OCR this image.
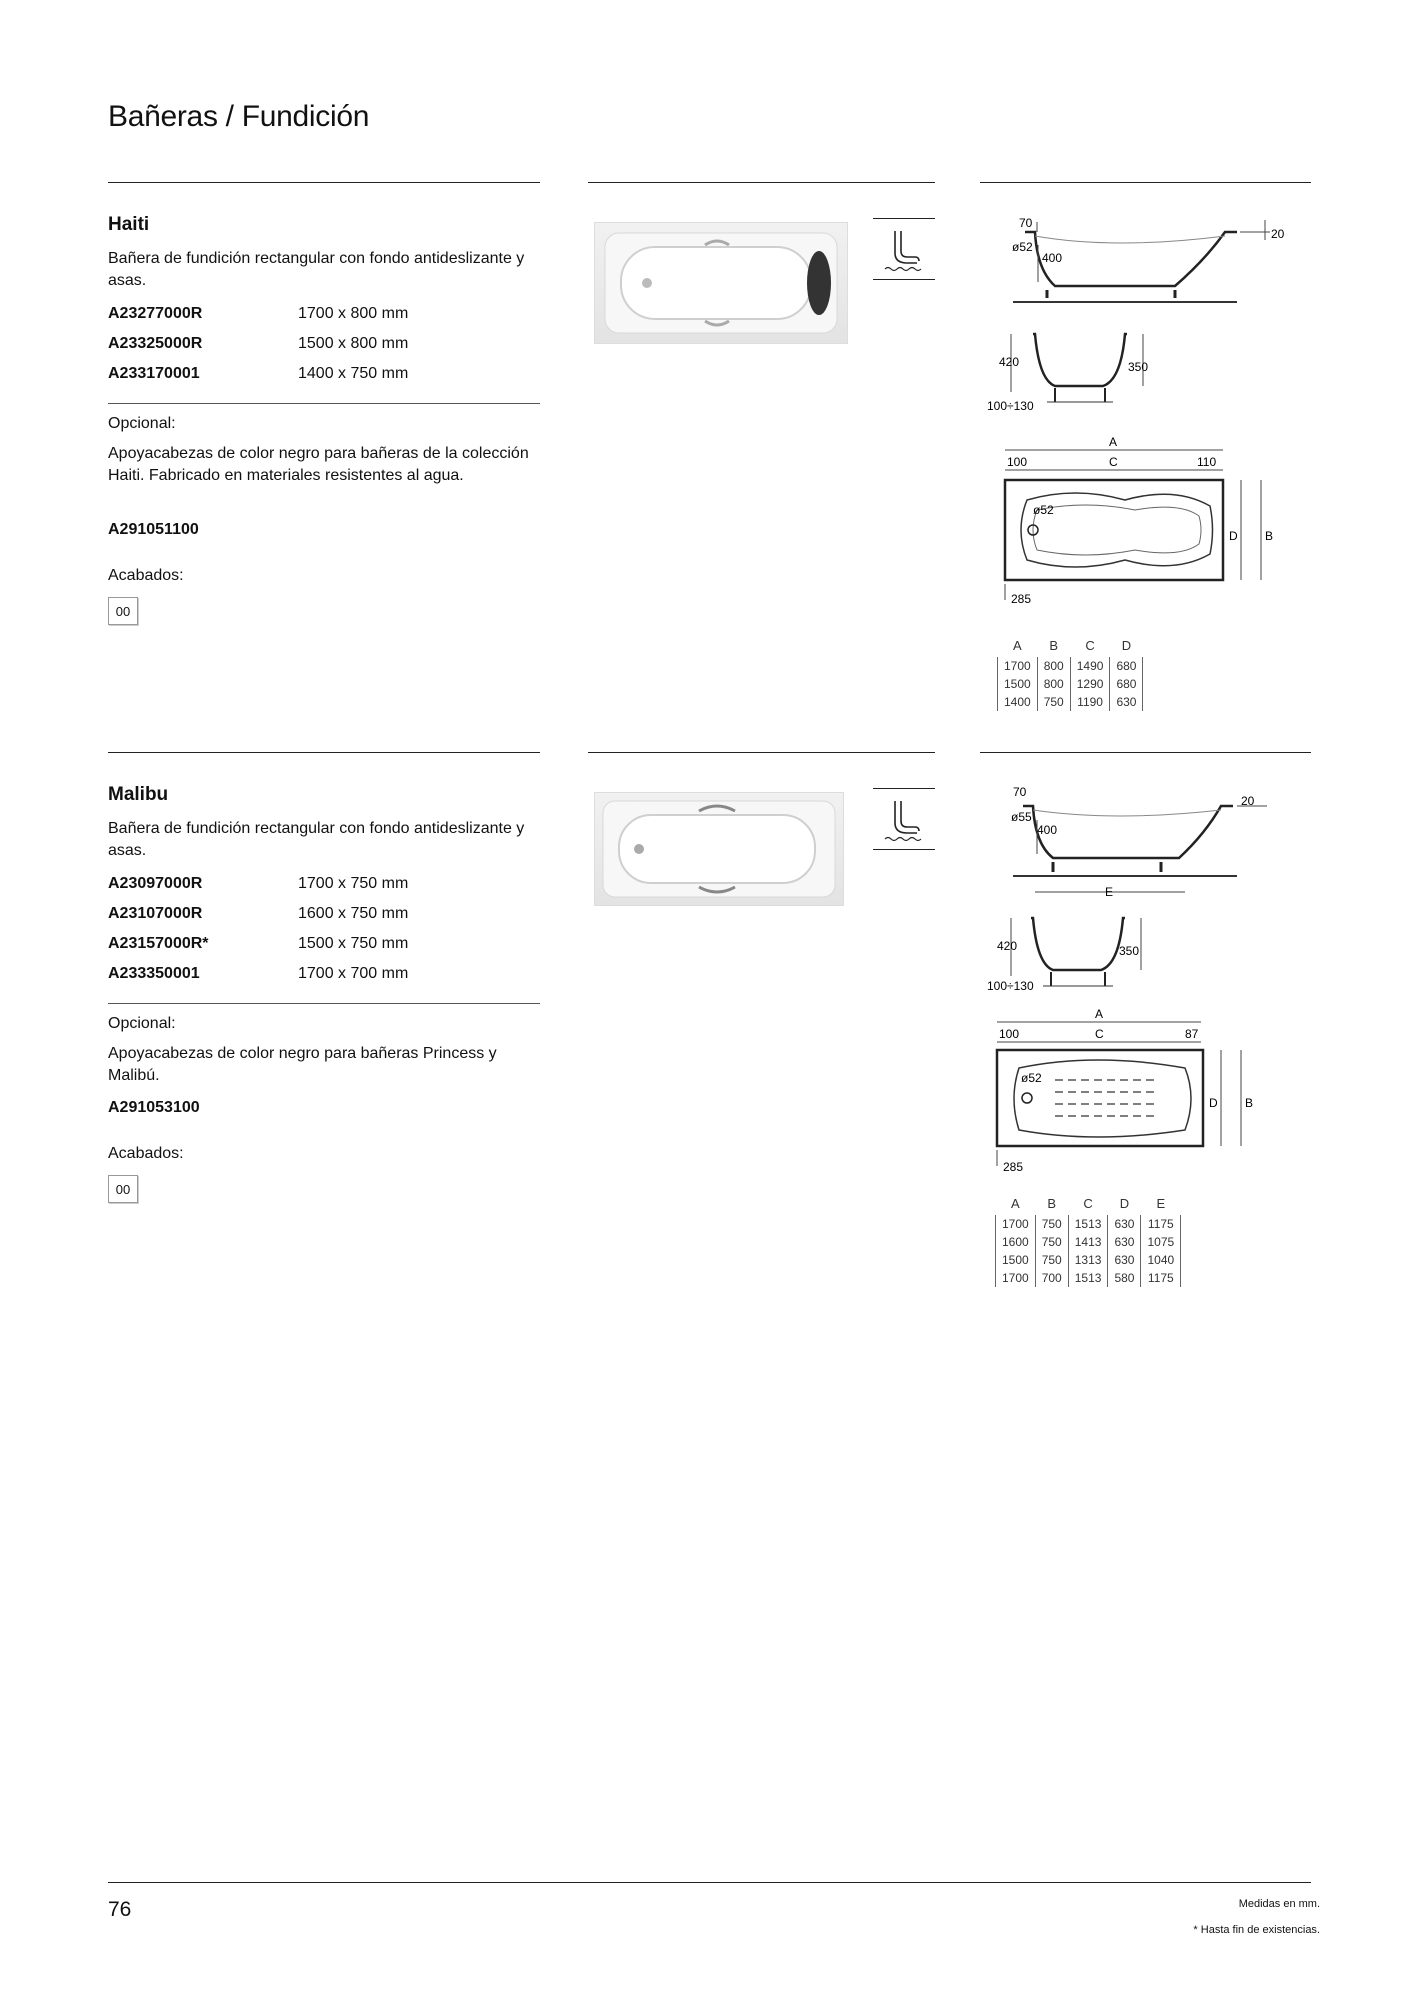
Bañeras / Fundición
Haiti
Bañera de fundición rectangular con fondo antideslizante y asas.
A23277000R	1700 x 800 mm
A23325000R	1500 x 800 mm
A233170001	1400 x 750 mm
Opcional:
Apoyacabezas de color negro para bañeras de la colección Haiti. Fabricado en materiales resistentes al agua.
A291051100
Acabados:
00
ø52
70
400
20
420	350
100÷130
A
C
100	110
ø52
D B
285
A	B	C	D
1700	800	1490	680
1500	800	1290	680
1400	750	1190	630
Malibu
Bañera de fundición rectangular con fondo antideslizante y asas.
A23097000R	1700 x 750 mm
A23107000R	1600 x 750 mm
A23157000R*	1500 x 750 mm
A233350001	1700 x 700 mm
Opcional:
Apoyacabezas de color negro para bañeras Princess y Malibú.
A291053100
Acabados:
00
ø55
70
400
20
E
420	350
100÷130
A
C
100	87
ø52
D B
285
A	B	C	D	E
1700	750	1513	630	1175
1600	750	1413	630	1075
1500	750	1313	630	1040
1700	700	1513	580	1175
76	Medidas en mm.
* Hasta fin de existencias.
